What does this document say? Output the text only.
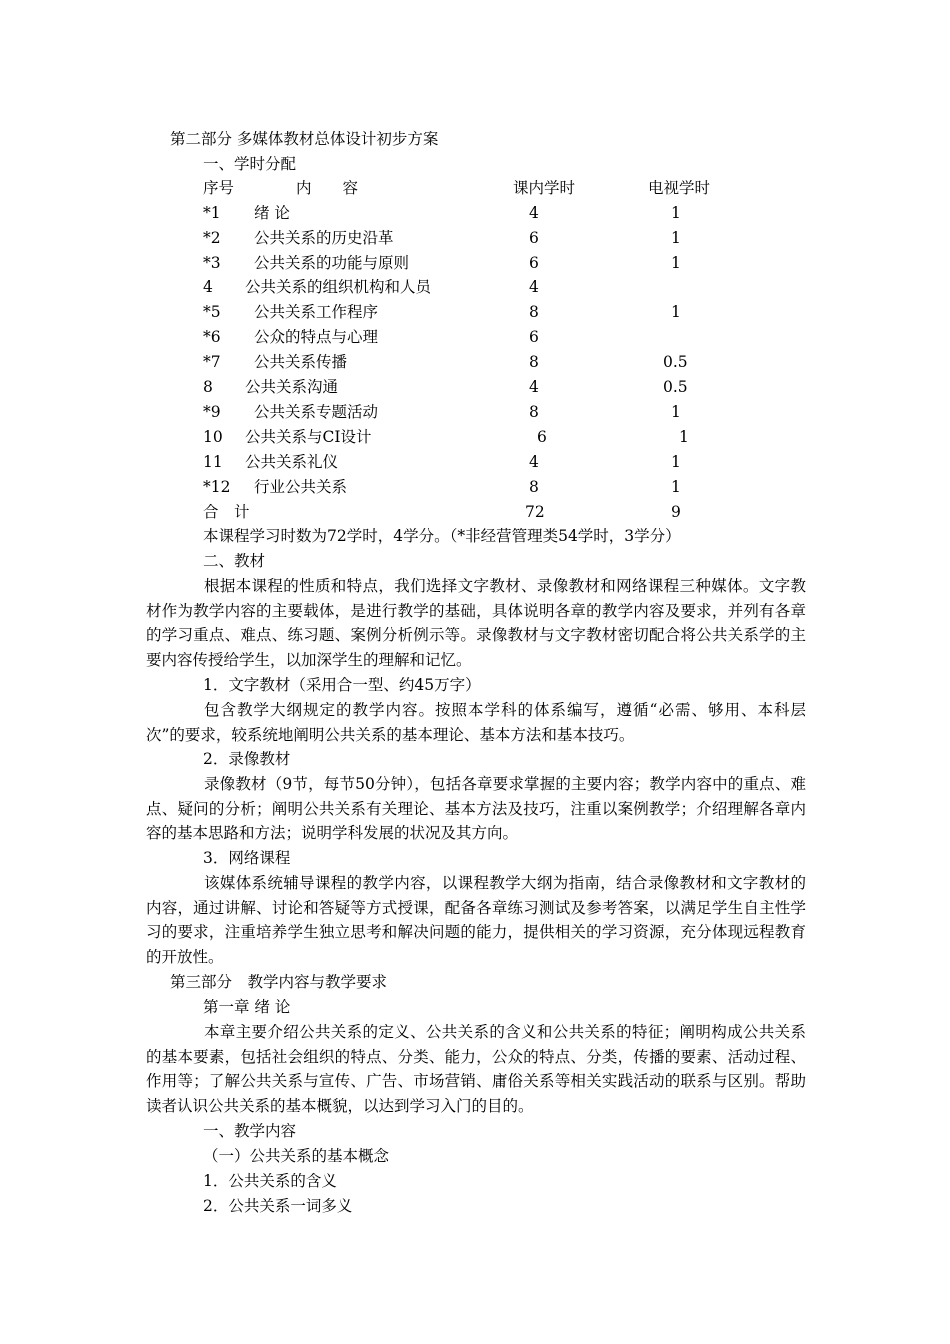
第二部分 多媒体教材总体设计初步方案
一、学时分配
序号	内　　容	课内学时	电视学时
*1 绪 论	4	1
*2 公共关系的历史沿革	6	1
*3 公共关系的功能与原则	6	1
4 公共关系的组织机构和人员	4
*5 公共关系工作程序	8	1
*6 公众的特点与心理	6
*7 公共关系传播	8	0.5
8 公共关系沟通	4	0.5
*9 公共关系专题活动	8	1
10 公共关系与CI设计	6	1
11 公共关系礼仪	4	1
*12 行业公共关系	8	1
合　计	72	9
本课程学习时数为72学时，4学分。（*非经营管理类54学时，3学分）
二、教材
根据本课程的性质和特点，我们选择文字教材、录像教材和网络课程三种媒体。文字教材作为教学内容的主要载体，是进行教学的基础，具体说明各章的教学内容及要求，并列有各章的学习重点、难点、练习题、案例分析例示等。录像教材与文字教材密切配合将公共关系学的主要内容传授给学生，以加深学生的理解和记忆。
1．文字教材（采用合一型、约45万字）
包含教学大纲规定的教学内容。按照本学科的体系编写，遵循“必需、够用、本科层次”的要求，较系统地阐明公共关系的基本理论、基本方法和基本技巧。
2．录像教材
录像教材（9节，每节50分钟），包括各章要求掌握的主要内容；教学内容中的重点、难点、疑问的分析；阐明公共关系有关理论、基本方法及技巧，注重以案例教学；介绍理解各章内容的基本思路和方法；说明学科发展的状况及其方向。
3．网络课程
该媒体系统辅导课程的教学内容，以课程教学大纲为指南，结合录像教材和文字教材的内容，通过讲解、讨论和答疑等方式授课，配备各章练习测试及参考答案，以满足学生自主性学习的要求，注重培养学生独立思考和解决问题的能力，提供相关的学习资源，充分体现远程教育的开放性。
第三部分　教学内容与教学要求
第一章 绪 论
本章主要介绍公共关系的定义、公共关系的含义和公共关系的特征；阐明构成公共关系的基本要素，包括社会组织的特点、分类、能力，公众的特点、分类，传播的要素、活动过程、作用等；了解公共关系与宣传、广告、市场营销、庸俗关系等相关实践活动的联系与区别。帮助读者认识公共关系的基本概貌，以达到学习入门的目的。
一、教学内容
（一）公共关系的基本概念
1．公共关系的含义
2．公共关系一词多义
